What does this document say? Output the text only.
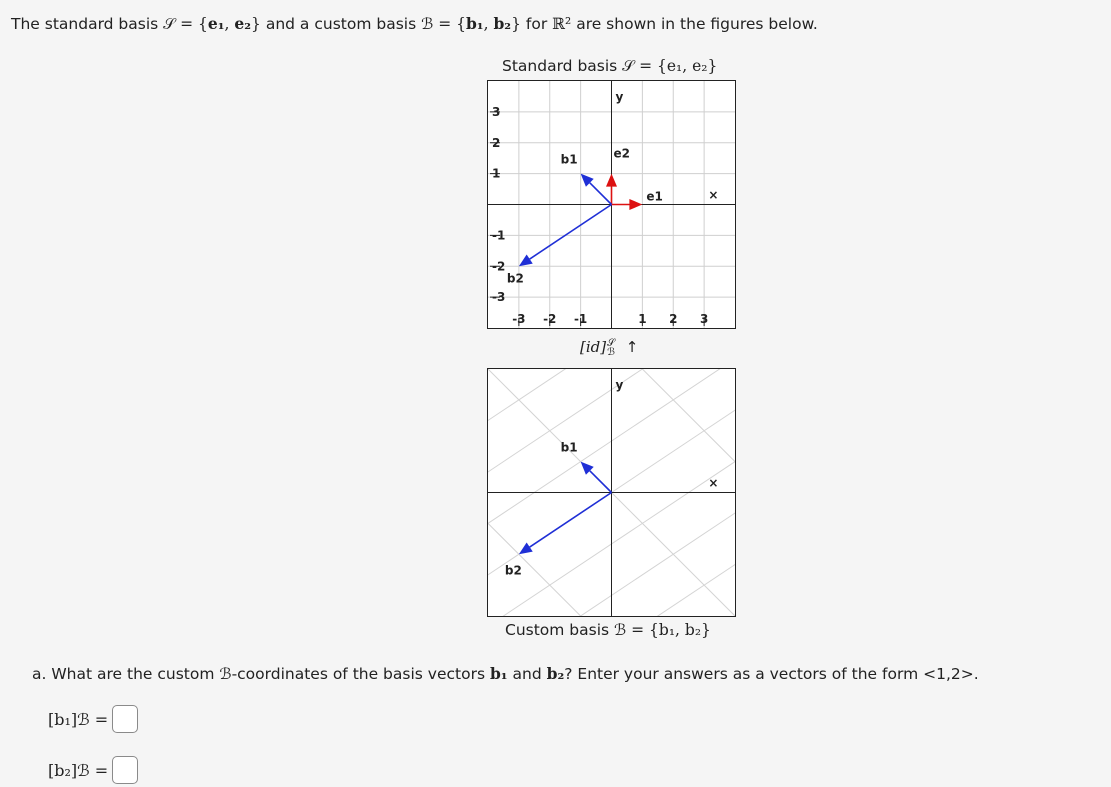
The standard basis 𝒮 = {e₁, e₂} and a custom basis ℬ = {b₁, b₂} for ℝ² are shown in the figures below.
Standard basis 𝒮 = {e₁, e₂}
y
×
-3 -2 -1	1 2 3
3
2
1
-1
-2
-3
e1
e2
b1
b2
[id] 𝒮
ℬ ↑
y
×
b1
b2
Custom basis ℬ = {b₁, b₂}
a. What are the custom ℬ-coordinates of the basis vectors b₁ and b₂? Enter your answers as a vectors of the form <1,2>.
[b₁]ℬ =
[b₂]ℬ =
